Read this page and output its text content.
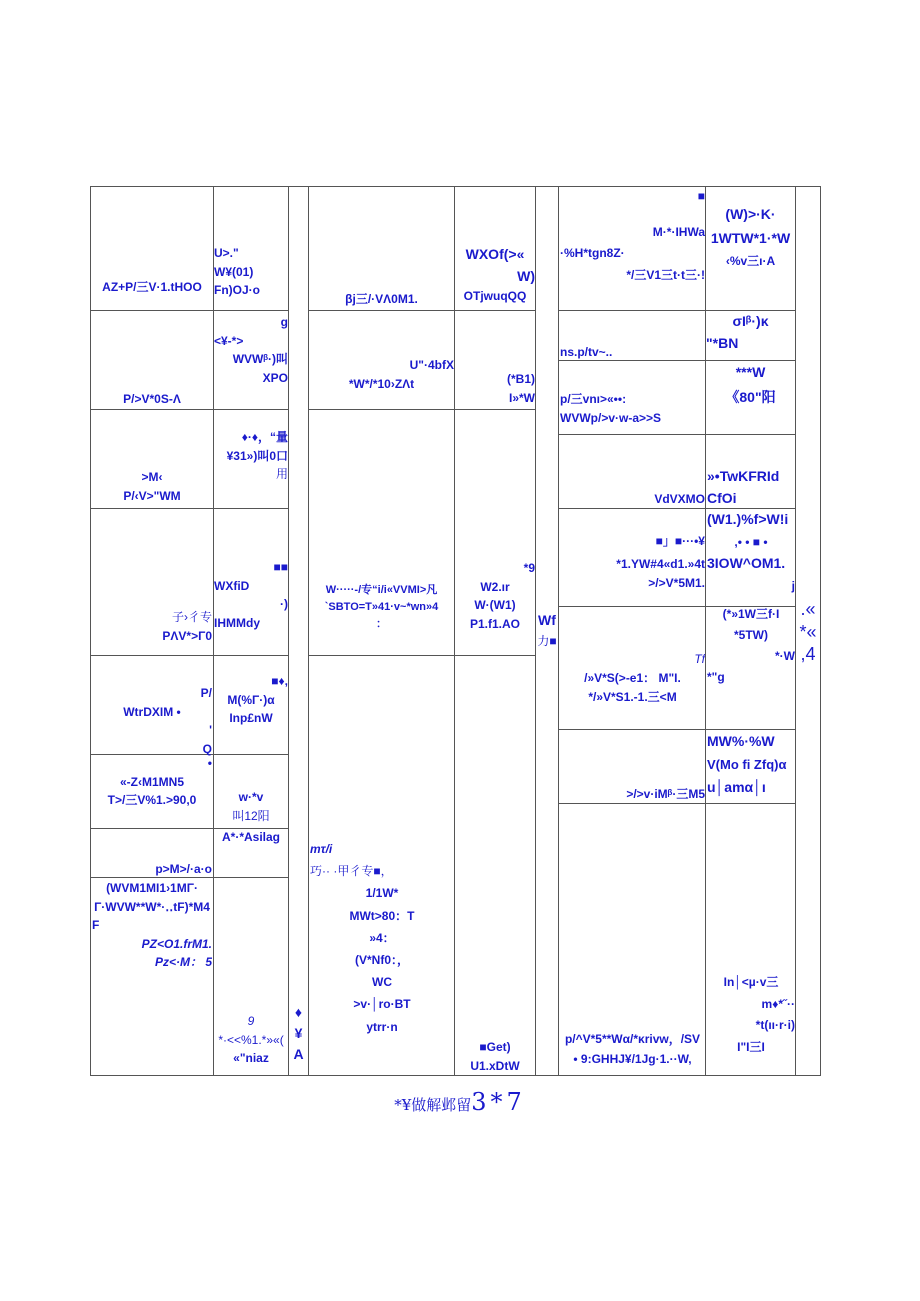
AZ+P/三V·1.tHOO
P/>V*0S-Λ
>M‹
P/‹V>"WM
子›彳专
PΛV*>Γ0
P/
WtrDXIM •
'
Q
•
«-Z‹M1MN5
T>/三V%1.>90,0
p>M>/·a·o
(WVM1MI1›1MΓ·
Γ·WVW**W*·‥tF)*M4
F
PZ<O1.frM1.
Pz<·M： 5
U>."
W¥(01)
Fn)OJ·o
g
<¥-*>
WVWᵝ·)叫
XPO
♦·♦，“量
¥31»)叫0口
用
■■
WXfiD
·)
IHMMdy
■♦,
M(%Γ·)α
Inp£nW
w·*v
叫12阳
A*·*Asilag
9
*·<<%1.*»«(
«"niaz
♦
¥
A
βj三/·VΛ0M1.
U"·4bfX
*W*/*10›ZΛt
W·····-/专“i/i«VVMI>凡
`SBTO=T»41·v~*wn»4
：
mτ/i
巧·· ·甲彳专■，
1/1W*
MWt>80：T
»4：
(V*Nf0：，
WC
>v·│ro·BT
ytrr·n
WXOf(>«
W)
OTjwuqQQ
(*B1)
I»*W
*9
W2.ır
W·(W1)
P1.f1.AO
■Get)
U1.xDtW
Wf
力■
■
M·*·IHWa
·%H*tgn8Z·
*/三V1三t·t三·!
ns.p/tv~..
p/三vnı>«••:
WVWp/>v·w-a>>S
VdVXMO
■」■···•¥
*1.YW#4«d1.»4t
>/>V*5M1.
Tf
/»V*S(>-e1： M"I.
*/»V*S1.-1.三<M
>/>v·iMᵝ·三M5
p/^V*5**Wα/*κrivw，/SV
• 9:GHHJ¥/1Jg·1.··W,
(W)>·K·
1WTW*1·*W
‹%v三ı·A
σIᵝ·)κ
"*BN
***W
《80"阳
»•TwKFRId
CfOi
(W1.)%f>W!i
,• • ■ •
3IOW^OM1.
j
(*»1W三f·I
*5TW)
*·W
*"g
MW%·%W
V(Mo fi Zfq)α
u│amα│ı
In│<µ·v三
m♦*˝··
*t(ıı·r·i)
I"I三I
.«
*«
,4
*¥做解邺留3*7
